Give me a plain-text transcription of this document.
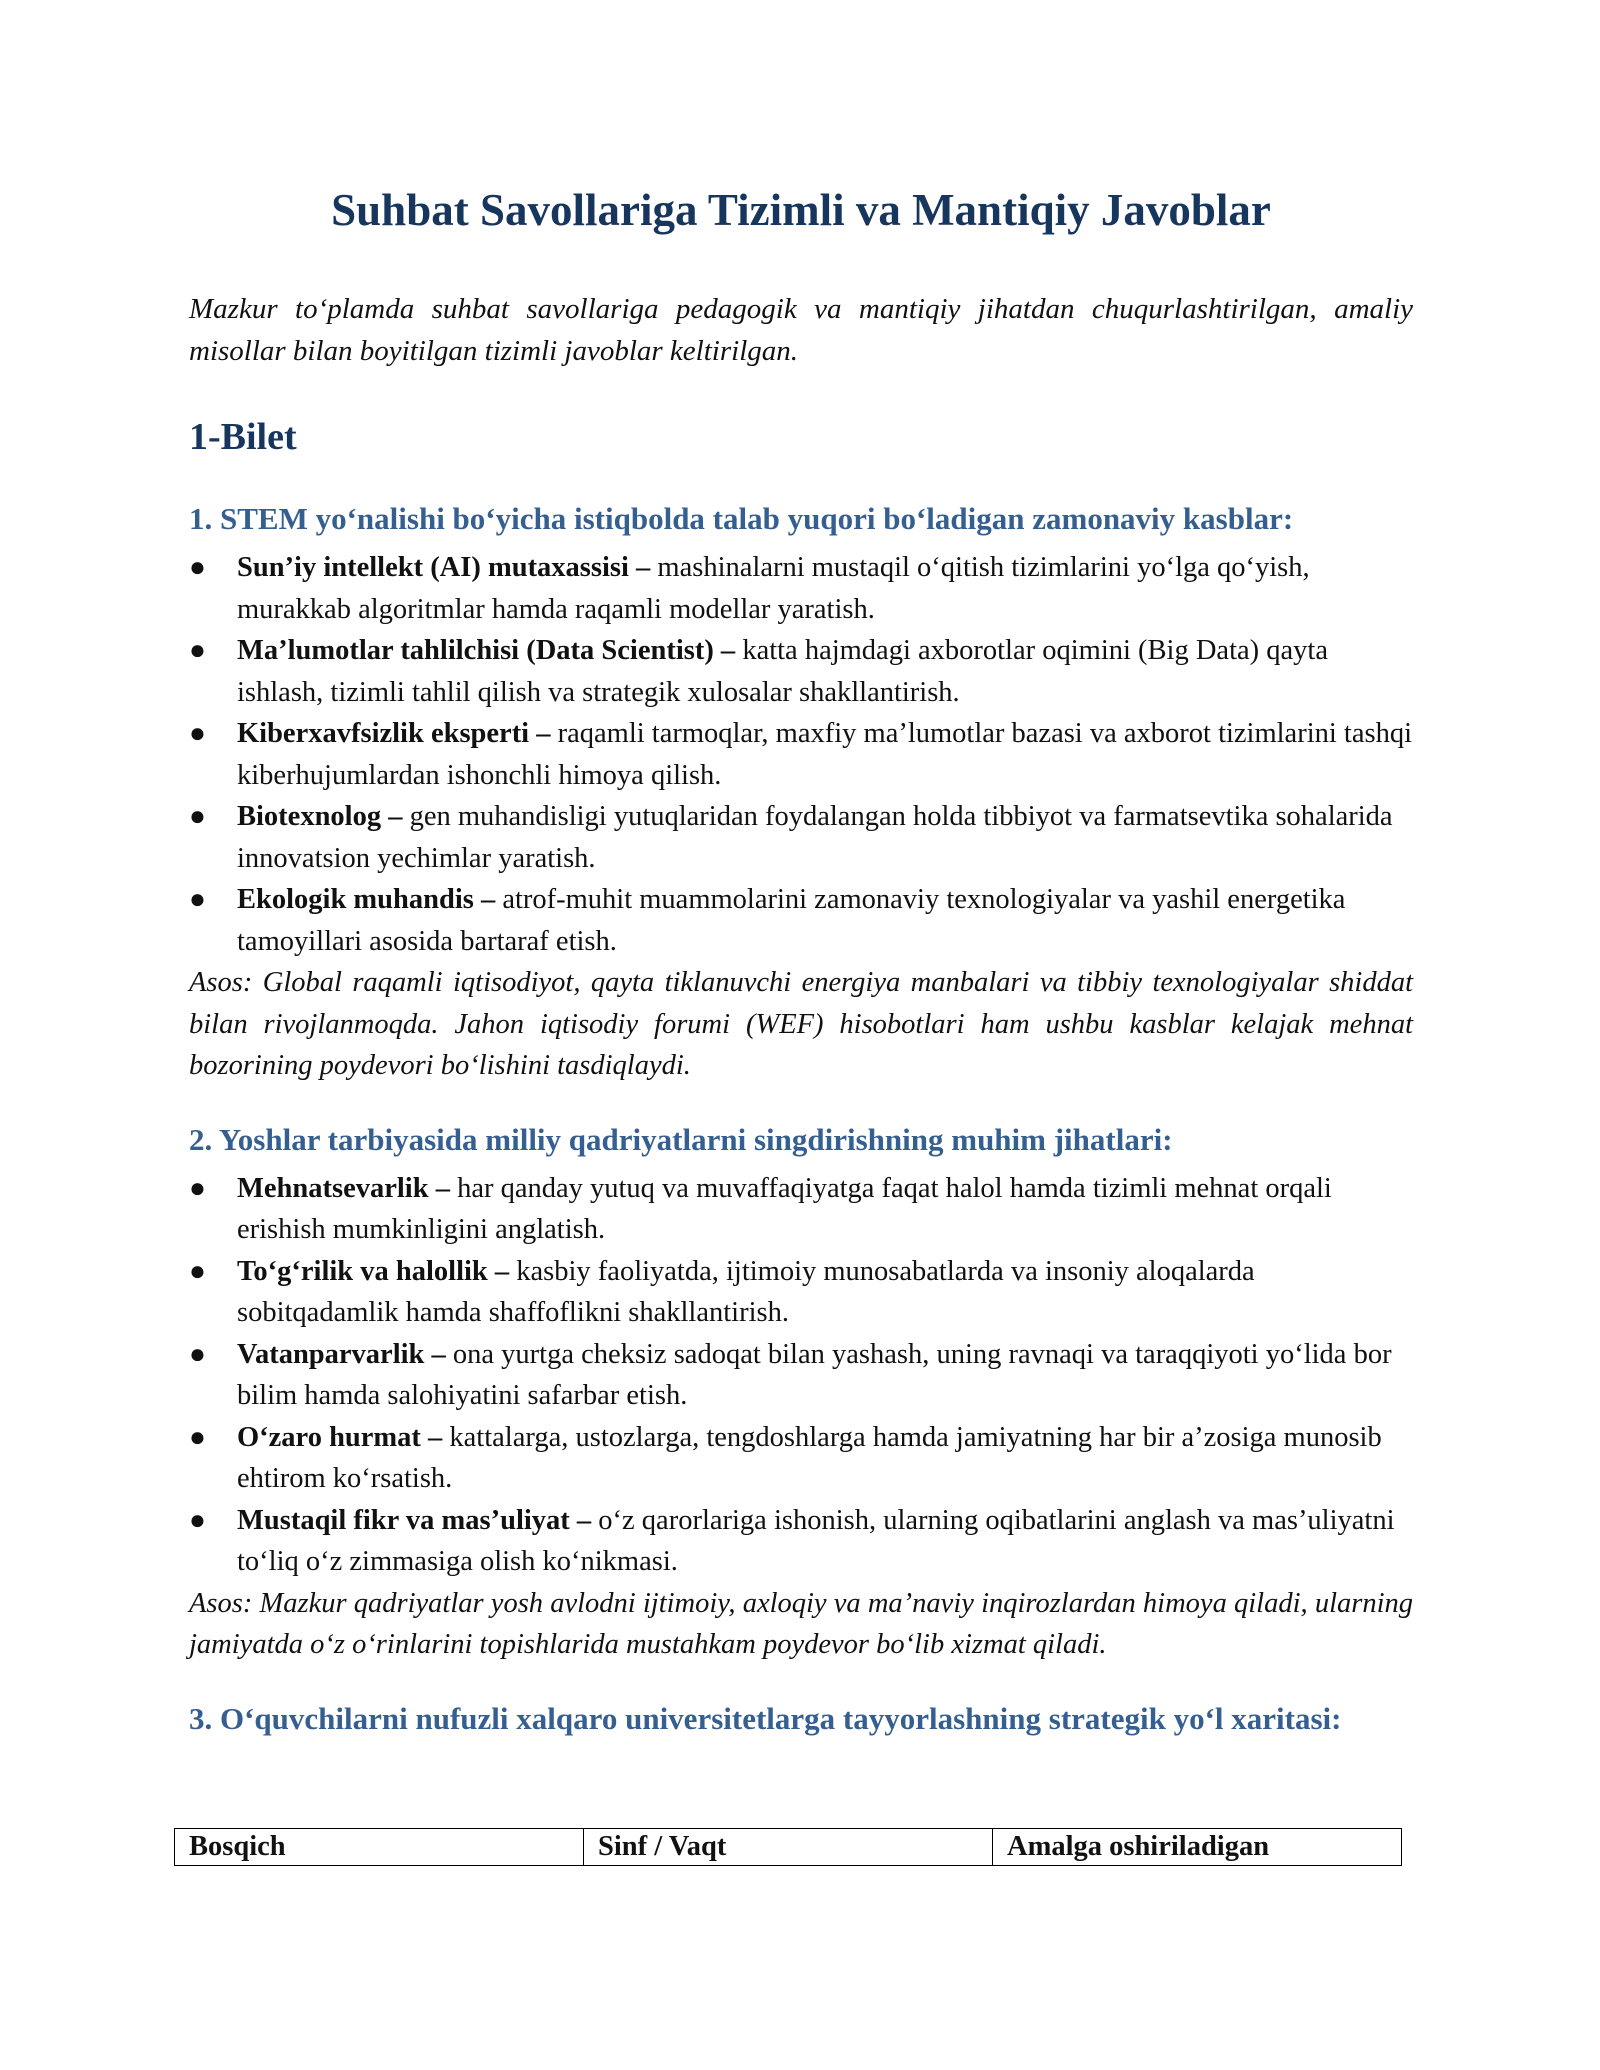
Suhbat Savollariga Tizimli va Mantiqiy Javoblar

Mazkur to‘plamda suhbat savollariga pedagogik va mantiqiy jihatdan chuqurlashtirilgan, amaliy misollar bilan boyitilgan tizimli javoblar keltirilgan.

1-Bilet
1. STEM yo‘nalishi bo‘yicha istiqbolda talab yuqori bo‘ladigan zamonaviy kasblar:
● Sun’iy intellekt (AI) mutaxassisi – mashinalarni mustaqil o‘qitish tizimlarini yo‘lga qo‘yish, murakkab algoritmlar hamda raqamli modellar yaratish.
● Ma’lumotlar tahlilchisi (Data Scientist) – katta hajmdagi axborotlar oqimini (Big Data) qayta ishlash, tizimli tahlil qilish va strategik xulosalar shakllantirish.
● Kiberxavfsizlik eksperti – raqamli tarmoqlar, maxfiy ma’lumotlar bazasi va axborot tizimlarini tashqi kiberhujumlardan ishonchli himoya qilish.
● Biotexnolog – gen muhandisligi yutuqlaridan foydalangan holda tibbiyot va farmatsevtika sohalarida innovatsion yechimlar yaratish.
● Ekologik muhandis – atrof-muhit muammolarini zamonaviy texnologiyalar va yashil energetika tamoyillari asosida bartaraf etish.

Asos: Global raqamli iqtisodiyot, qayta tiklanuvchi energiya manbalari va tibbiy texnologiyalar shiddat bilan rivojlanmoqda. Jahon iqtisodiy forumi (WEF) hisobotlari ham ushbu kasblar kelajak mehnat bozorining poydevori bo‘lishini tasdiqlaydi.

2. Yoshlar tarbiyasida milliy qadriyatlarni singdirishning muhim jihatlari:
● Mehnatsevarlik – har qanday yutuq va muvaffaqiyatga faqat halol hamda tizimli mehnat orqali erishish mumkinligini anglatish.
● To‘g‘rilik va halollik – kasbiy faoliyatda, ijtimoiy munosabatlarda va insoniy aloqalarda sobitqadamlik hamda shaffoflikni shakllantirish.
● Vatanparvarlik – ona yurtga cheksiz sadoqat bilan yashash, uning ravnaqi va taraqqiyoti yo‘lida bor bilim hamda salohiyatini safarbar etish.
● O‘zaro hurmat – kattalarga, ustozlarga, tengdoshlarga hamda jamiyatning har bir a’zosiga munosib ehtirom ko‘rsatish.
● Mustaqil fikr va mas’uliyat – o‘z qarorlariga ishonish, ularning oqibatlarini anglash va mas’uliyatni to‘liq o‘z zimmasiga olish ko‘nikmasi.

Asos: Mazkur qadriyatlar yosh avlodni ijtimoiy, axloqiy va ma’naviy inqirozlardan himoya qiladi, ularning jamiyatda o‘z o‘rinlarini topishlarida mustahkam poydevor bo‘lib xizmat qiladi.

3. O‘quvchilarni nufuzli xalqaro universitetlarga tayyorlashning strategik yo‘l xaritasi:
Bosqich	Sinf / Vaqt	Amalga oshiriladigan
